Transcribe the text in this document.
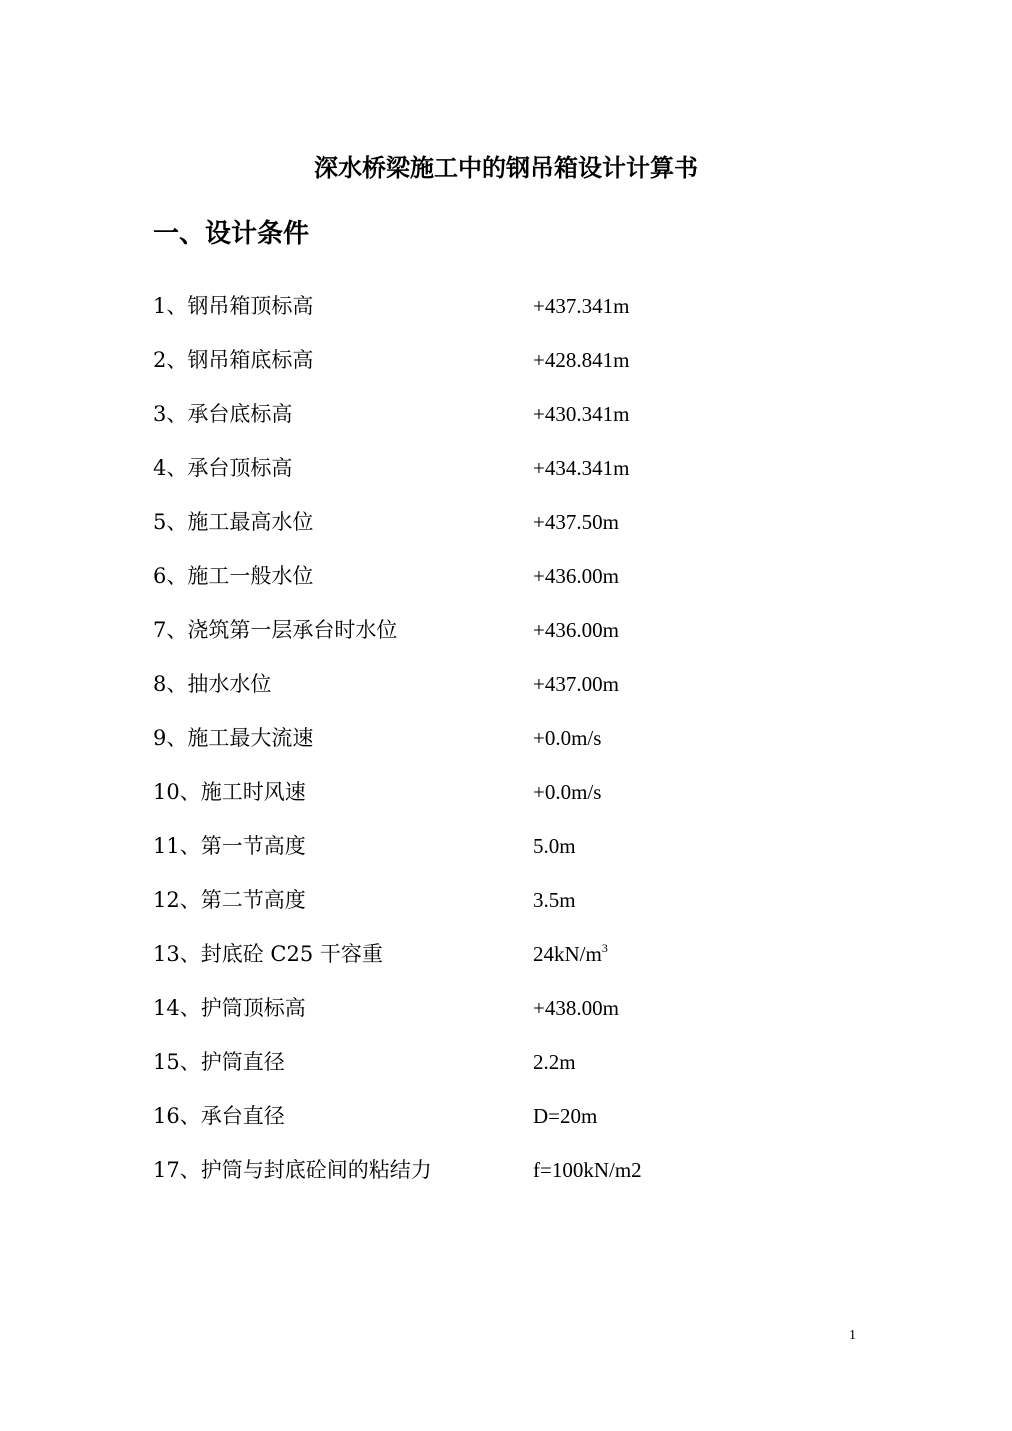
深水桥梁施工中的钢吊箱设计计算书
一、设计条件
1、钢吊箱顶标高	+437.341m
2、钢吊箱底标高	+428.841m
3、承台底标高	+430.341m
4、承台顶标高	+434.341m
5、施工最高水位	+437.50m
6、施工一般水位	+436.00m
7、浇筑第一层承台时水位	+436.00m
8、抽水水位	+437.00m
9、施工最大流速	+0.0m/s
10、施工时风速	+0.0m/s
11、第一节高度	5.0m
12、第二节高度	3.5m
13、封底砼 C25 干容重	$24kN/m^3$
14、护筒顶标高	+438.00m
15、护筒直径	2.2m
16、承台直径	D=20m
17、护筒与封底砼间的粘结力	f=100kN/m2
1
